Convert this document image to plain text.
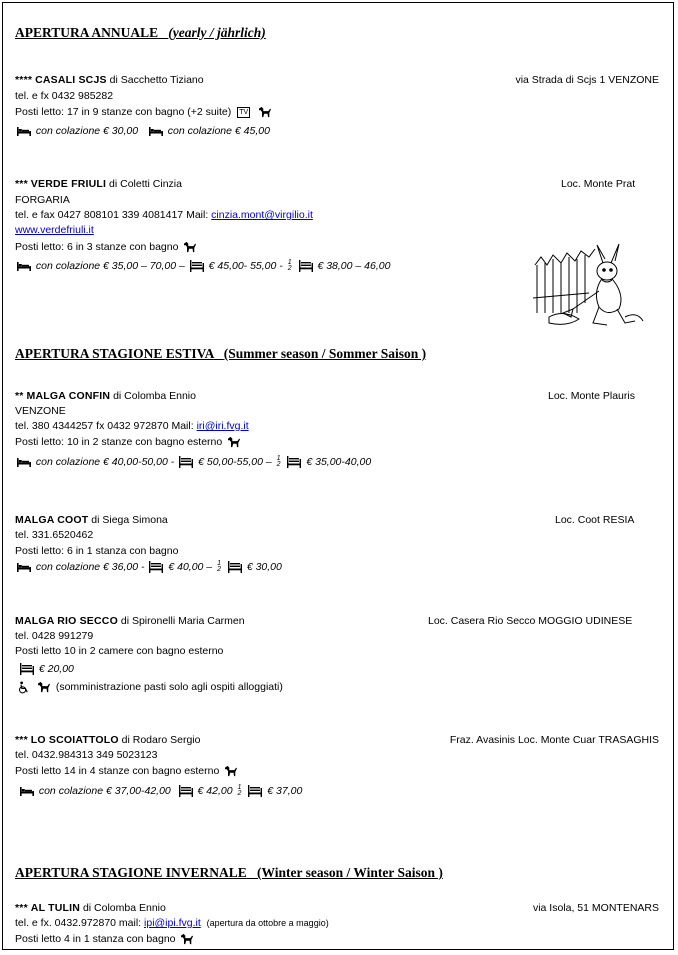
APERTURA ANNUALE (yearly / jährlich)
**** CASALI SCJS di Sacchetto Tiziano	via Strada di Scjs 1 VENZONE
tel. e fx 0432 985282
Posti letto: 17 in 9 stanze con bagno (+2 suite) TV
con colazione € 30,00	con colazione € 45,00
*** VERDE FRIULI di Coletti Cinzia	Loc. Monte Prat
FORGARIA
tel. e fax 0427 808101 339 4081417 Mail: cinzia.mont@virgilio.it
www.verdefriuli.it
Posti letto: 6 in 3 stanze con bagno
con colazione € 35,00 – 70,00 – € 45,00- 55,00 - 1
2 € 38,00 – 46,00
APERTURA STAGIONE ESTIVA (Summer season / Sommer Saison )
** MALGA CONFIN di Colomba Ennio	Loc. Monte Plauris
VENZONE
tel. 380 4344257 fx 0432 972870 Mail: iri@iri.fvg.it
Posti letto: 10 in 2 stanze con bagno esterno
con colazione € 40,00-50,00 - € 50,00-55,00 – 1
2 € 35,00-40,00
MALGA COOT di Siega Simona	Loc. Coot RESIA
tel. 331.6520462
Posti letto: 6 in 1 stanza con bagno
con colazione € 36,00 - € 40,00 – 1
2 € 30,00
MALGA RIO SECCO di Spironelli Maria Carmen	Loc. Casera Rio Secco MOGGIO UDINESE
tel. 0428 991279
Posti letto 10 in 2 camere con bagno esterno
€ 20,00
(somministrazione pasti solo agli ospiti alloggiati)
*** LO SCOIATTOLO di Rodaro Sergio	Fraz. Avasinis Loc. Monte Cuar TRASAGHIS
tel. 0432.984313 349 5023123
Posti letto 14 in 4 stanze con bagno esterno
con colazione € 37,00-42,00	€ 42,00 1
2 € 37,00
APERTURA STAGIONE INVERNALE (Winter season / Winter Saison )
*** AL TULIN di Colomba Ennio	via Isola, 51 MONTENARS
tel. e fx. 0432.972870 mail: ipi@ipi.fvg.it (apertura da ottobre a maggio)
Posti letto 4 in 1 stanza con bagno
